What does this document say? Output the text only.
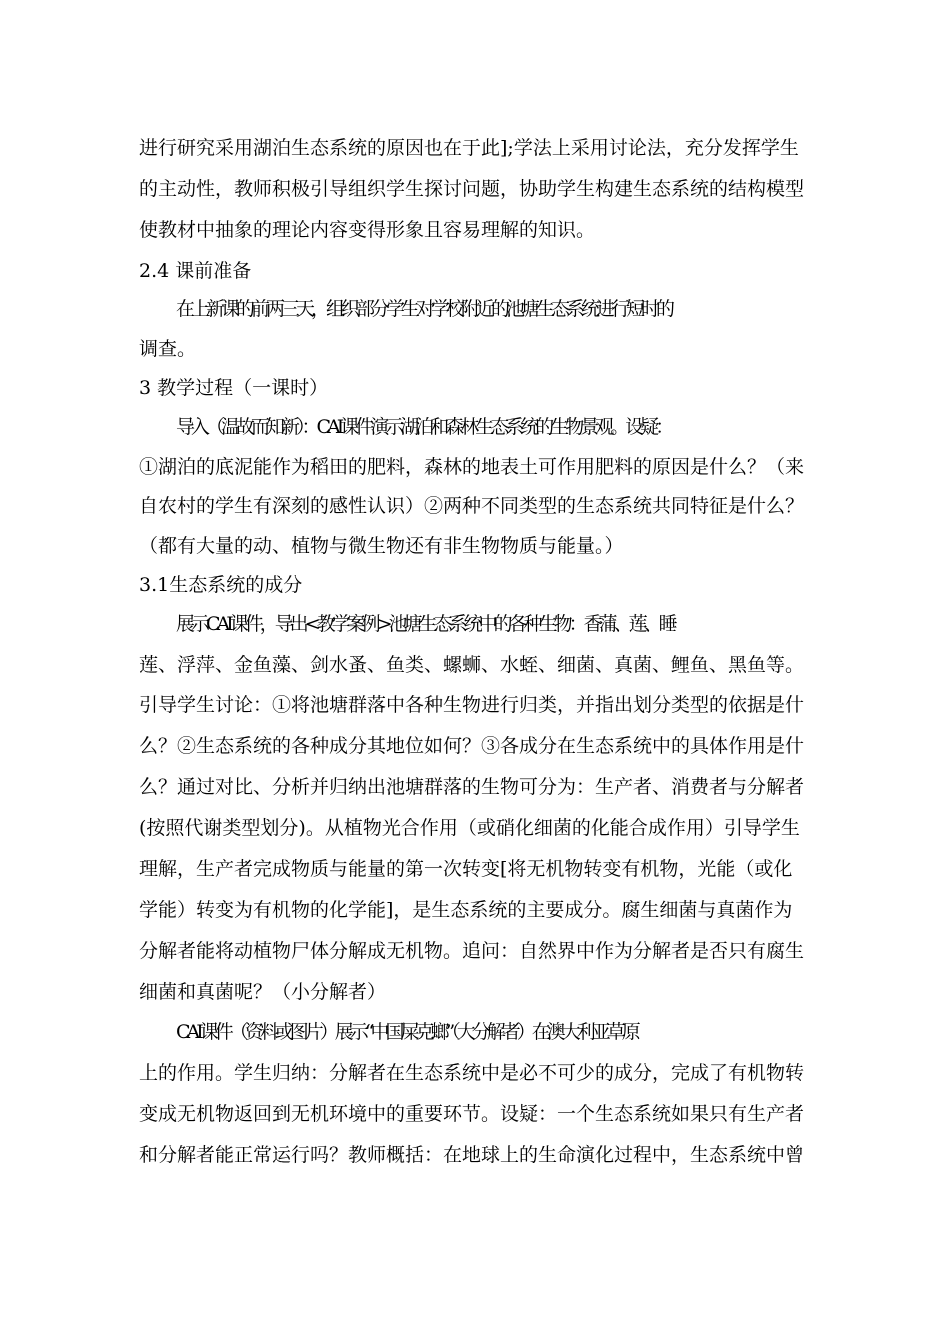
进行研究采用湖泊生态系统的原因也在于此];学法上采用讨论法，充分发挥学生
的主动性，教师积极引导组织学生探讨问题，协助学生构建生态系统的结构模型
使教材中抽象的理论内容变得形象且容易理解的知识。
2.4 课前准备
在上新课的前两三天，组织部分学生对学校附近的池塘生态系统进行短时的
调查。
3 教学过程（一课时）
导入（温故而知新）：CAI课件演示湖泊和森林生态系统的生物景观。设疑：
①湖泊的底泥能作为稻田的肥料，森林的地表土可作用肥料的原因是什么？（来
自农村的学生有深刻的感性认识）②两种不同类型的生态系统共同特征是什么？
（都有大量的动、植物与微生物还有非生物物质与能量。）
3.1生态系统的成分
展示CAI课件，导出<教学案例>池塘生态系统中的各种生物：香蒲、莲、睡
莲、浮萍、金鱼藻、剑水蚤、鱼类、螺蛳、水蛭、细菌、真菌、鲤鱼、黑鱼等。
引导学生讨论：①将池塘群落中各种生物进行归类，并指出划分类型的依据是什
么？②生态系统的各种成分其地位如何？③各成分在生态系统中的具体作用是什
么？通过对比、分析并归纳出池塘群落的生物可分为：生产者、消费者与分解者
(按照代谢类型划分)。从植物光合作用（或硝化细菌的化能合成作用）引导学生
理解，生产者完成物质与能量的第一次转变[将无机物转变有机物，光能（或化
学能）转变为有机物的化学能]，是生态系统的主要成分。腐生细菌与真菌作为
分解者能将动植物尸体分解成无机物。追问：自然界中作为分解者是否只有腐生
细菌和真菌呢？（小分解者）
CAI课件（资料或图片）展示“中国屎克螂”（大分解者）在澳大利亚草原
上的作用。学生归纳：分解者在生态系统中是必不可少的成分，完成了有机物转
变成无机物返回到无机环境中的重要环节。设疑：一个生态系统如果只有生产者
和分解者能正常运行吗？教师概括：在地球上的生命演化过程中，生态系统中曾
